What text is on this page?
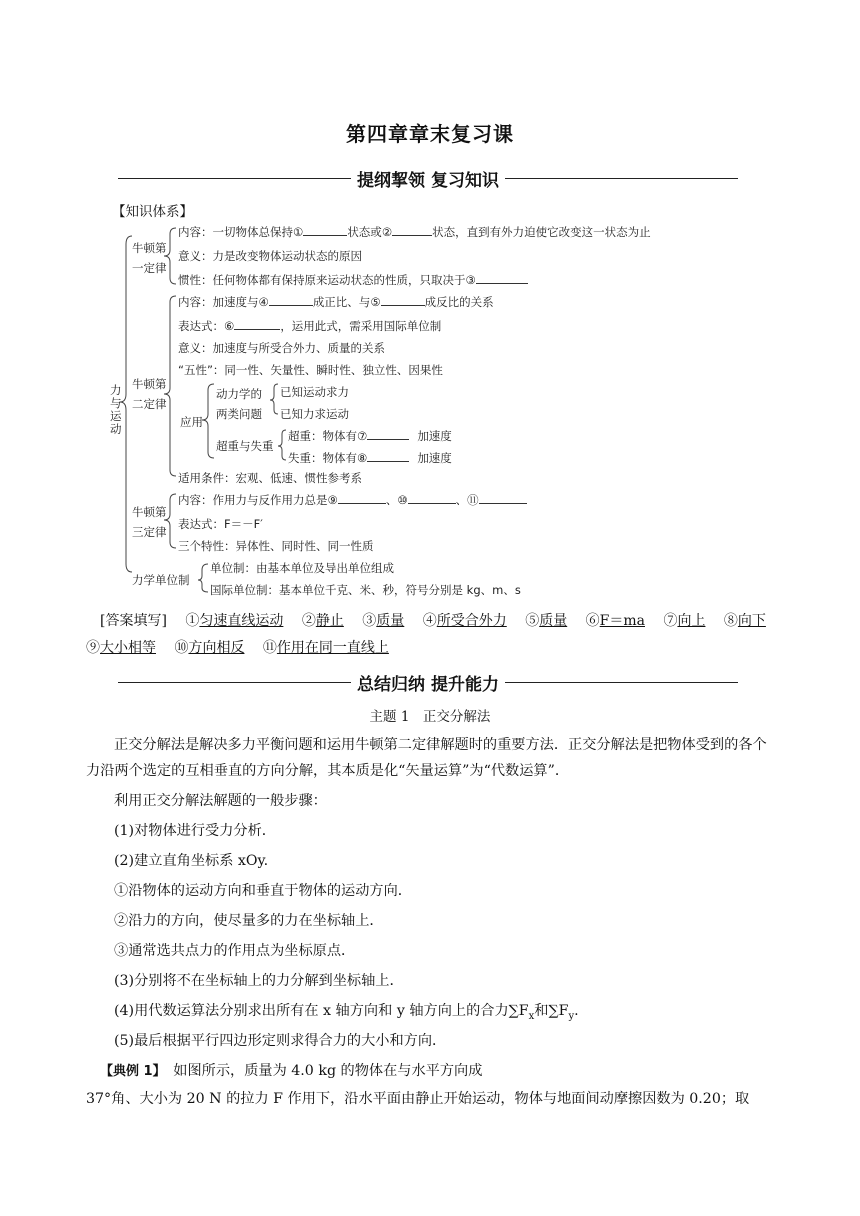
第四章章末复习课
提纲挈领 复习知识
【知识体系】
力与运动
牛顿第一定律
内容：一切物体总保持①	状态或②	状态，直到有外力迫使它改变这一状态为止
意义：力是改变物体运动状态的原因
惯性：任何物体都有保持原来运动状态的性质，只取决于③
牛顿第二定律
内容：加速度与④	成正比、与⑤	成反比的关系
表达式：⑥	，运用此式，需采用国际单位制
意义：加速度与所受合外力、质量的关系
“五性”：同一性、矢量性、瞬时性、独立性、因果性
应用
动力学的两类问题
已知运动求力
已知力求运动
超重与失重
超重：物体有⑦	加速度
失重：物体有⑧	加速度
适用条件：宏观、低速、惯性参考系
牛顿第三定律
内容：作用力与反作用力总是⑨	、⑩	、⑪
表达式：F＝－F′
三个特性：异体性、同时性、同一性质
力学单位制
单位制：由基本单位及导出单位组成
国际单位制：基本单位千克、米、秒，符号分别是 kg、m、s
[答案填写] 　 ①匀速直线运动 　 ②静止 　 ③质量 　 ④所受合外力 　 ⑤质量 　 ⑥F＝ma 　 ⑦向上 　 ⑧向下 　⑨大小相等 　 ⑩方向相反 　 ⑪作用在同一直线上
总结归纳 提升能力
主题 1　正交分解法
正交分解法是解决多力平衡问题和运用牛顿第二定律解题时的重要方法．正交分解法是把物体受到的各个力沿两个选定的互相垂直的方向分解，其本质是化“矢量运算”为“代数运算”．
利用正交分解法解题的一般步骤：
(1)对物体进行受力分析．
(2)建立直角坐标系 xOy.
①沿物体的运动方向和垂直于物体的运动方向．
②沿力的方向，使尽量多的力在坐标轴上．
③通常选共点力的作用点为坐标原点．
(3)分别将不在坐标轴上的力分解到坐标轴上．
(4)用代数运算法分别求出所有在 x 轴方向和 y 轴方向上的合力$\sum F_x$和$\sum F_y$.
(5)最后根据平行四边形定则求得合力的大小和方向．
【典例 1】　如图所示，质量为 4.0 kg 的物体在与水平方向成
37°角、大小为 20 N 的拉力 F 作用下，沿水平面由静止开始运动，物体与地面间动摩擦因数为 0.20；取
